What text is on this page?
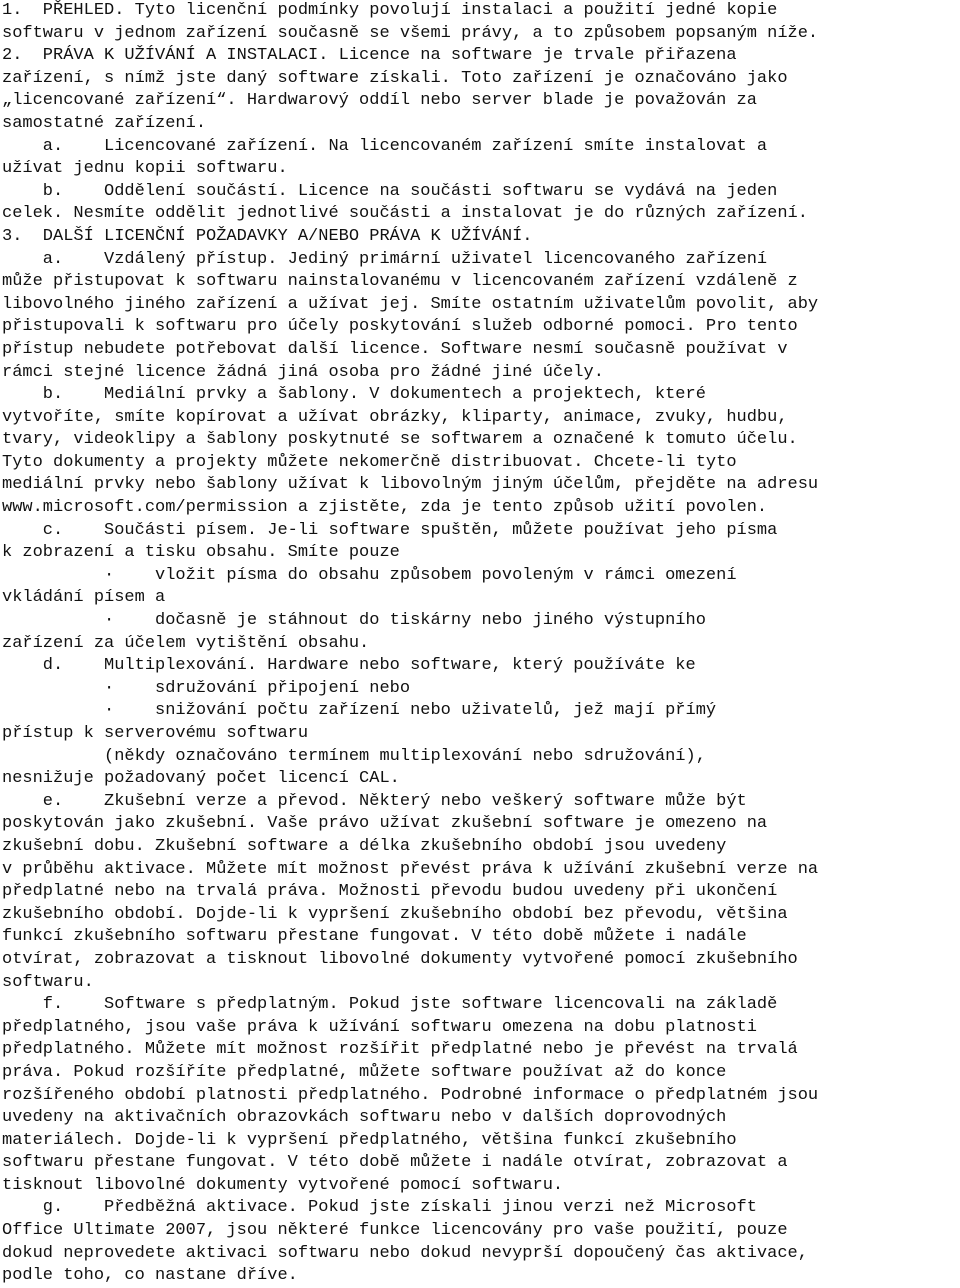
1.  PŘEHLED. Tyto licenční podmínky povolují instalaci a použití jedné kopie
softwaru v jednom zařízení současně se všemi právy, a to způsobem popsaným níže.
2.  PRÁVA K UŽÍVÁNÍ A INSTALACI. Licence na software je trvale přiřazena
zařízení, s nímž jste daný software získali. Toto zařízení je označováno jako
„licencované zařízení“. Hardwarový oddíl nebo server blade je považován za
samostatné zařízení.
a.    Licencované zařízení. Na licencovaném zařízení smíte instalovat a
užívat jednu kopii softwaru.
b.    Oddělení součástí. Licence na součásti softwaru se vydává na jeden
celek. Nesmíte oddělit jednotlivé součásti a instalovat je do různých zařízení.
3.  DALŠÍ LICENČNÍ POŽADAVKY A/NEBO PRÁVA K UŽÍVÁNÍ.
a.    Vzdálený přístup. Jediný primární uživatel licencovaného zařízení
může přistupovat k softwaru nainstalovanému v licencovaném zařízení vzdáleně z
libovolného jiného zařízení a užívat jej. Smíte ostatním uživatelům povolit, aby
přistupovali k softwaru pro účely poskytování služeb odborné pomoci. Pro tento
přístup nebudete potřebovat další licence. Software nesmí současně používat v
rámci stejné licence žádná jiná osoba pro žádné jiné účely.
b.    Mediální prvky a šablony. V dokumentech a projektech, které
vytvoříte, smíte kopírovat a užívat obrázky, kliparty, animace, zvuky, hudbu,
tvary, videoklipy a šablony poskytnuté se softwarem a označené k tomuto účelu.
Tyto dokumenty a projekty můžete nekomerčně distribuovat. Chcete-li tyto
mediální prvky nebo šablony užívat k libovolným jiným účelům, přejděte na adresu
www.microsoft.com/permission a zjistěte, zda je tento způsob užití povolen.
c.    Součásti písem. Je-li software spuštěn, můžete používat jeho písma
k zobrazení a tisku obsahu. Smíte pouze
·    vložit písma do obsahu způsobem povoleným v rámci omezení
vkládání písem a
·    dočasně je stáhnout do tiskárny nebo jiného výstupního
zařízení za účelem vytištění obsahu.
d.    Multiplexování. Hardware nebo software, který používáte ke
·    sdružování připojení nebo
·    snižování počtu zařízení nebo uživatelů, jež mají přímý
přístup k serverovému softwaru
(někdy označováno termínem multiplexování nebo sdružování),
nesnižuje požadovaný počet licencí CAL.
e.    Zkušební verze a převod. Některý nebo veškerý software může být
poskytován jako zkušební. Vaše právo užívat zkušební software je omezeno na
zkušební dobu. Zkušební software a délka zkušebního období jsou uvedeny
v průběhu aktivace. Můžete mít možnost převést práva k užívání zkušební verze na
předplatné nebo na trvalá práva. Možnosti převodu budou uvedeny při ukončení
zkušebního období. Dojde-li k vypršení zkušebního období bez převodu, většina
funkcí zkušebního softwaru přestane fungovat. V této době můžete i nadále
otvírat, zobrazovat a tisknout libovolné dokumenty vytvořené pomocí zkušebního
softwaru.
f.    Software s předplatným. Pokud jste software licencovali na základě
předplatného, jsou vaše práva k užívání softwaru omezena na dobu platnosti
předplatného. Můžete mít možnost rozšířit předplatné nebo je převést na trvalá
práva. Pokud rozšíříte předplatné, můžete software používat až do konce
rozšířeného období platnosti předplatného. Podrobné informace o předplatném jsou
uvedeny na aktivačních obrazovkách softwaru nebo v dalších doprovodných
materiálech. Dojde-li k vypršení předplatného, většina funkcí zkušebního
softwaru přestane fungovat. V této době můžete i nadále otvírat, zobrazovat a
tisknout libovolné dokumenty vytvořené pomocí softwaru.
g.    Předběžná aktivace. Pokud jste získali jinou verzi než Microsoft
Office Ultimate 2007, jsou některé funkce licencovány pro vaše použití, pouze
dokud neprovedete aktivaci softwaru nebo dokud nevyprší dopoučený čas aktivace,
podle toho, co nastane dříve.
